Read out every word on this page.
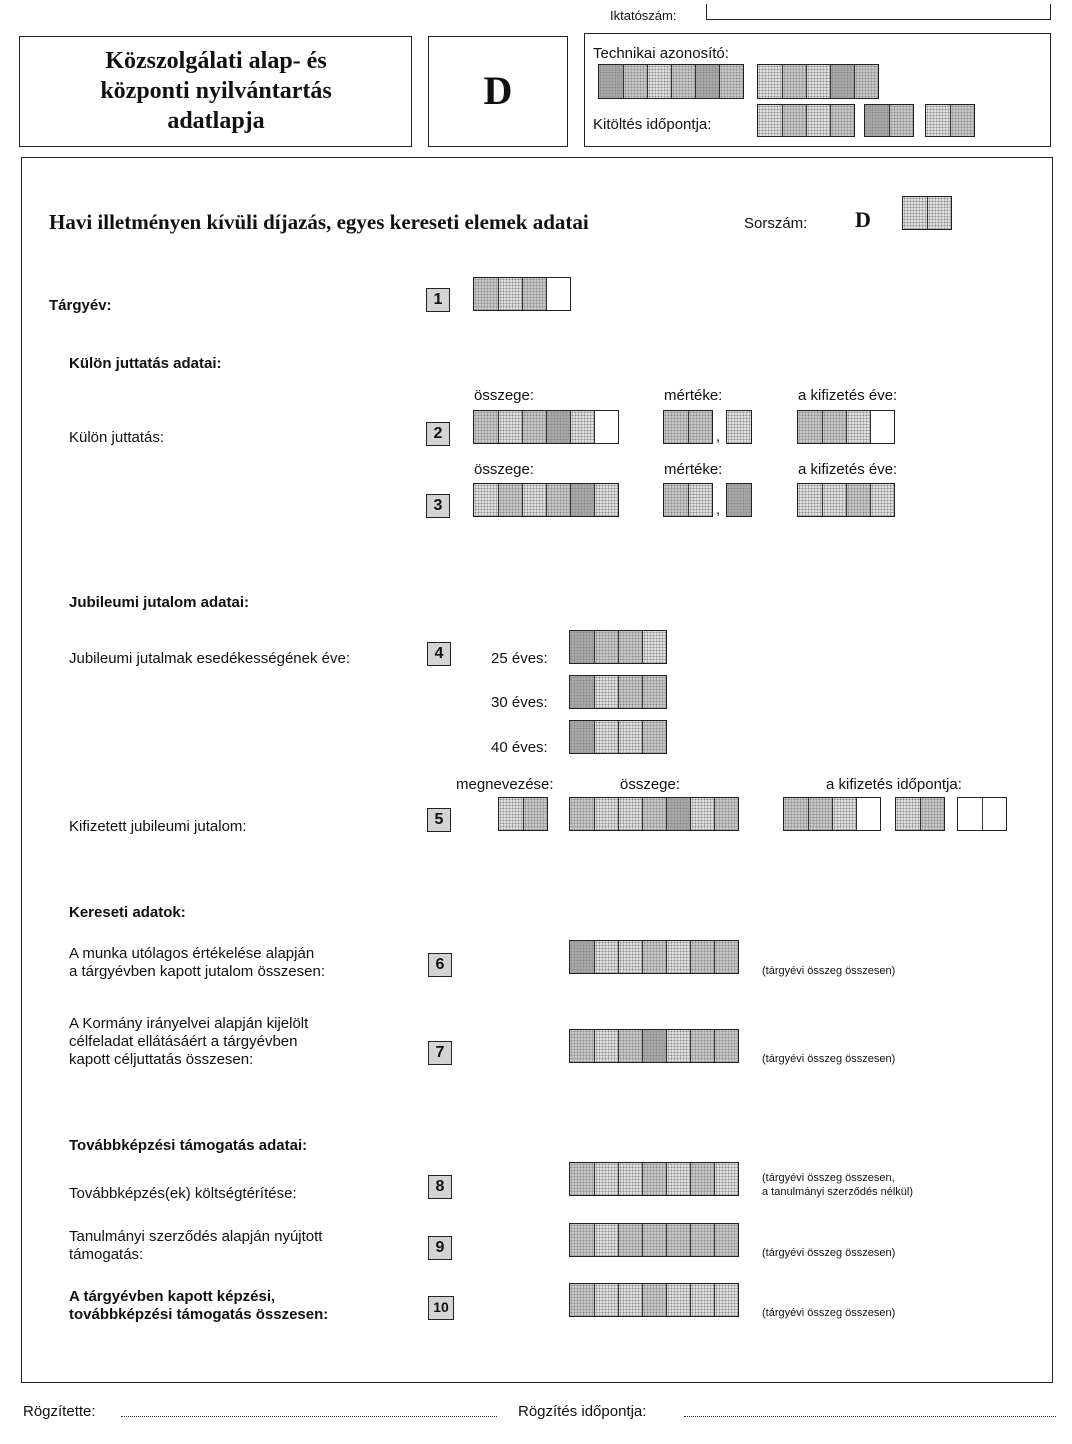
Iktatószám:
Közszolgálati alap- és központi nyilvántartás adatlapja
D
Technikai azonosító:
Kitöltés időpontja:
Havi illetményen kívüli díjazás, egyes kereseti elemek adatai	Sorszám: D
Tárgyév:	1
Külön juttatás adatai:
összege:	mértéke:	a kifizetés éve:
Külön juttatás:	2	,
összege:	mértéke:	a kifizetés éve:
3	,
Jubileumi jutalom adatai:
Jubileumi jutalmak esedékességének éve:	4	25 éves:
30 éves:
40 éves:
megnevezése:	összege:	a kifizetés időpontja:
Kifizetett jubileumi jutalom:	5
Kereseti adatok:
A munka utólagos értékelése alapján
a tárgyévben kapott jutalom összesen:	6	(tárgyévi összeg összesen)
A Kormány irányelvei alapján kijelölt
célfeladat ellátásáért a tárgyévben
kapott céljuttatás összesen:	7	(tárgyévi összeg összesen)
Továbbképzési támogatás adatai:
Továbbképzés(ek) költségtérítése:	8	(tárgyévi összeg összesen,
a tanulmányi szerződés nélkül)
Tanulmányi szerződés alapján nyújtott
támogatás:	9	(tárgyévi összeg összesen)
A tárgyévben kapott képzési,
továbbképzési támogatás összesen:	10	(tárgyévi összeg összesen)
Rögzítette:	Rögzítés időpontja:
